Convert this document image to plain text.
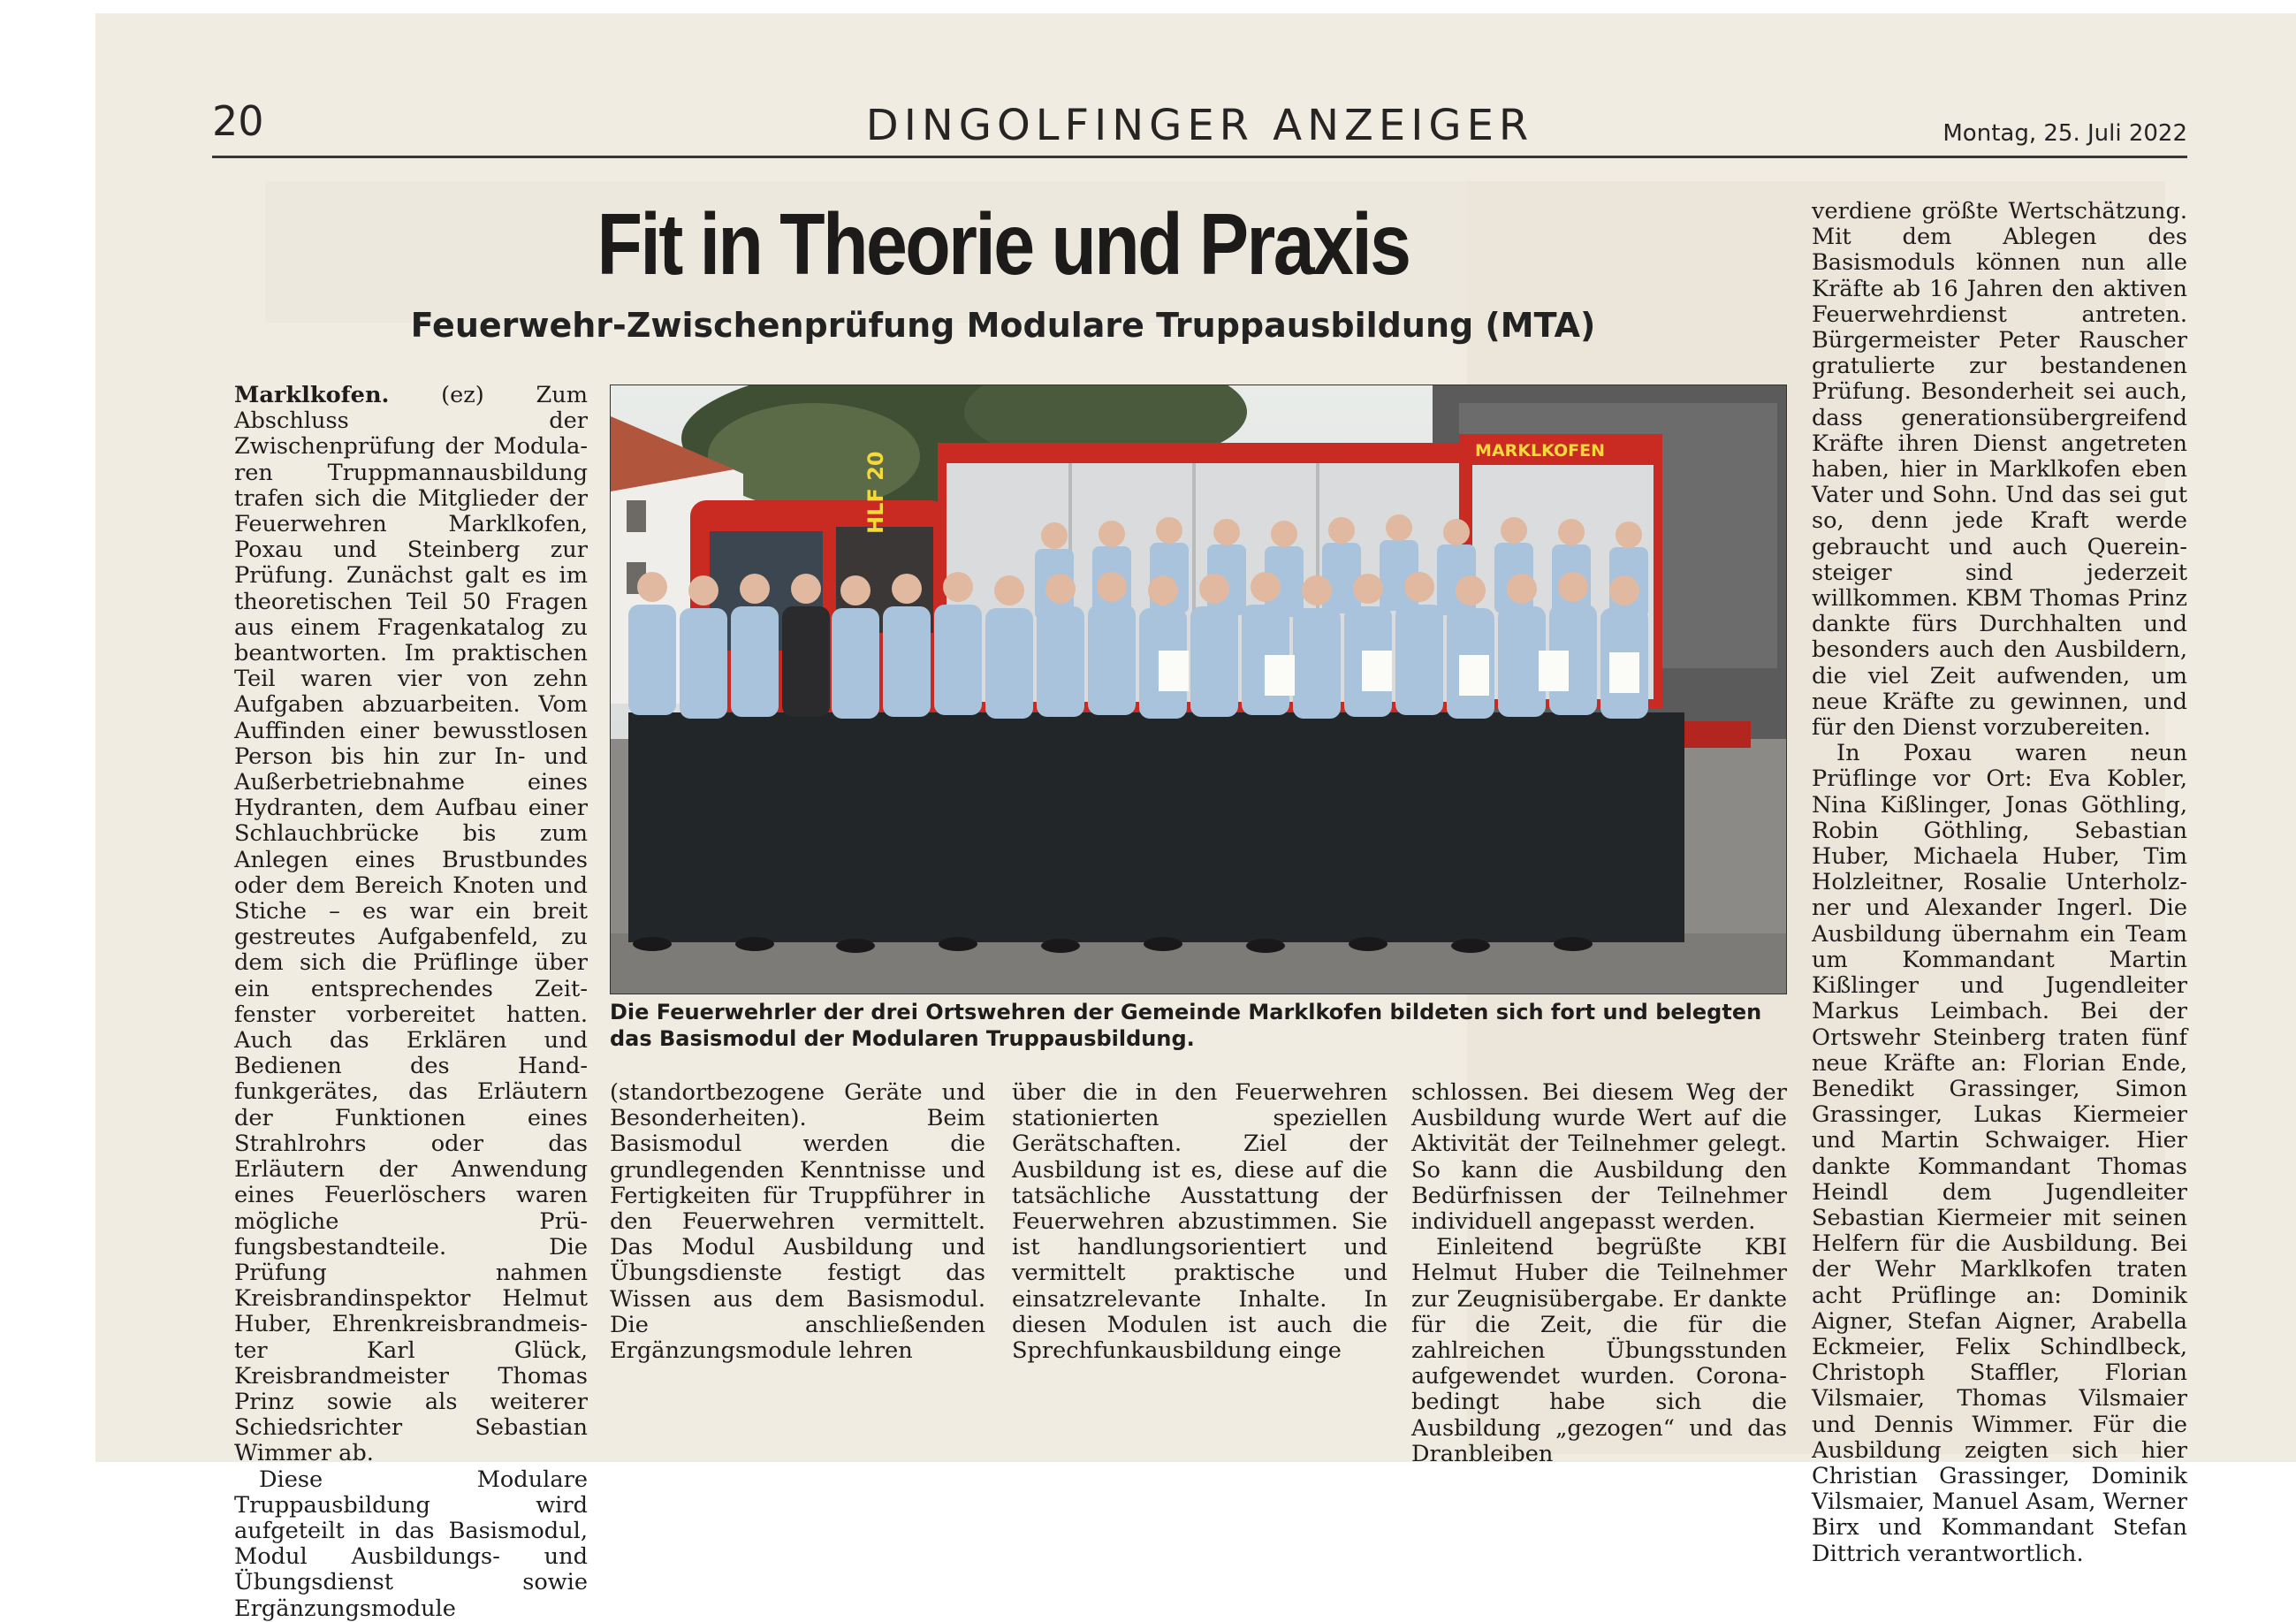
20	DINGOLFINGER ANZEIGER	Montag, 25. Juli 2022
Fit in Theorie und Praxis
Feuerwehr-Zwischenprüfung Modulare Truppausbildung (MTA)

Marklkofen. (ez) Zum Abschluss der Zwischenprüfung der Modularen Truppmannausbildung trafen sich die Mitglieder der Feuerwehren Marklkofen, Poxau und Steinberg zur Prüfung. Zunächst galt es im theoretischen Teil 50 Fragen aus einem Fragenkatalog zu beantworten. Im praktischen Teil waren vier von zehn Aufgaben abzuarbeiten. Vom Auffinden einer bewusstlosen Person bis hin zur In- und Außerbetriebnahme eines Hydranten, dem Aufbau einer Schlauchbrücke bis zum Anlegen eines Brustbundes oder dem Bereich Knoten und Stiche – es war ein breit gestreutes Aufgabenfeld, zu dem sich die Prüflinge über ein entsprechendes Zeitfenster vorbereitet hatten. Auch das Erklären und Bedienen des Handfunkgerätes, das Erläutern der Funktionen eines Strahlrohrs oder das Erläutern der Anwendung eines Feuerlöschers waren mögliche Prüfungsbestandteile. Die Prüfung nahmen Kreisbrandinspektor Helmut Huber, Ehrenkreisbrandmeister Karl Glück, Kreisbrandmeister Thomas Prinz sowie als weiterer Schiedsrichter Sebastian Wimmer ab.

Diese Modulare Truppausbildung wird aufgeteilt in das Basismodul, Modul Ausbildungs- und Übungsdienst sowie Ergänzungsmodule

HLF 20
MARKLKOFEN
Die Feuerwehrler der drei Ortswehren der Gemeinde Marklkofen bildeten sich fort und belegten das Basismodul der Modularen Truppausbildung.

(standortbezogene Geräte und Besonderheiten). Beim Basismodul werden die grundlegenden Kenntnisse und Fertigkeiten für Truppführer in den Feuerwehren vermittelt. Das Modul Ausbildung und Übungsdienste festigt das Wissen aus dem Basismodul. Die anschließenden Ergänzungsmodule lehren

über die in den Feuerwehren stationierten speziellen Gerätschaften. Ziel der Ausbildung ist es, diese auf die tatsächliche Ausstattung der Feuerwehren abzustimmen. Sie ist handlungsorientiert und vermittelt praktische und einsatzrelevante Inhalte. In diesen Modulen ist auch die Sprechfunkausbildung einge

schlossen. Bei diesem Weg der Ausbildung wurde Wert auf die Aktivität der Teilnehmer gelegt. So kann die Ausbildung den Bedürfnissen der Teilnehmer individuell angepasst werden.

Einleitend begrüßte KBI Helmut Huber die Teilnehmer zur Zeugnisübergabe. Er dankte für die Zeit, die für die zahlreichen Übungsstunden aufgewendet wurden. Coronabedingt habe sich die Ausbildung „gezogen“ und das Dranbleiben

verdiene größte Wertschätzung. Mit dem Ablegen des Basismoduls können nun alle Kräfte ab 16 Jahren den aktiven Feuerwehrdienst antreten. Bürgermeister Peter Rauscher gratulierte zur bestandenen Prüfung. Besonderheit sei auch, dass generationsübergreifend Kräfte ihren Dienst angetreten haben, hier in Marklkofen eben Vater und Sohn. Und das sei gut so, denn jede Kraft werde gebraucht und auch Quereinsteiger sind jederzeit willkommen. KBM Thomas Prinz dankte fürs Durchhalten und besonders auch den Ausbildern, die viel Zeit aufwenden, um neue Kräfte zu gewinnen, und für den Dienst vorzubereiten.

In Poxau waren neun Prüflinge vor Ort: Eva Kobler, Nina Kißlinger, Jonas Göthling, Robin Göthling, Sebastian Huber, Michaela Huber, Tim Holzleitner, Rosalie Unterholzner und Alexander Ingerl. Die Ausbildung übernahm ein Team um Kommandant Martin Kißlinger und Jugendleiter Markus Leimbach. Bei der Ortswehr Steinberg traten fünf neue Kräfte an: Florian Ende, Benedikt Grassinger, Simon Grassinger, Lukas Kiermeier und Martin Schwaiger. Hier dankte Kommandant Thomas Heindl dem Jugendleiter Sebastian Kiermeier mit seinen Helfern für die Ausbildung. Bei der Wehr Marklkofen traten acht Prüflinge an: Dominik Aigner, Stefan Aigner, Arabella Eckmeier, Felix Schindlbeck, Christoph Staffler, Florian Vilsmaier, Thomas Vilsmaier und Dennis Wimmer. Für die Ausbildung zeigten sich hier Christian Grassinger, Dominik Vilsmaier, Manuel Asam, Werner Birx und Kommandant Stefan Dittrich verantwortlich.
